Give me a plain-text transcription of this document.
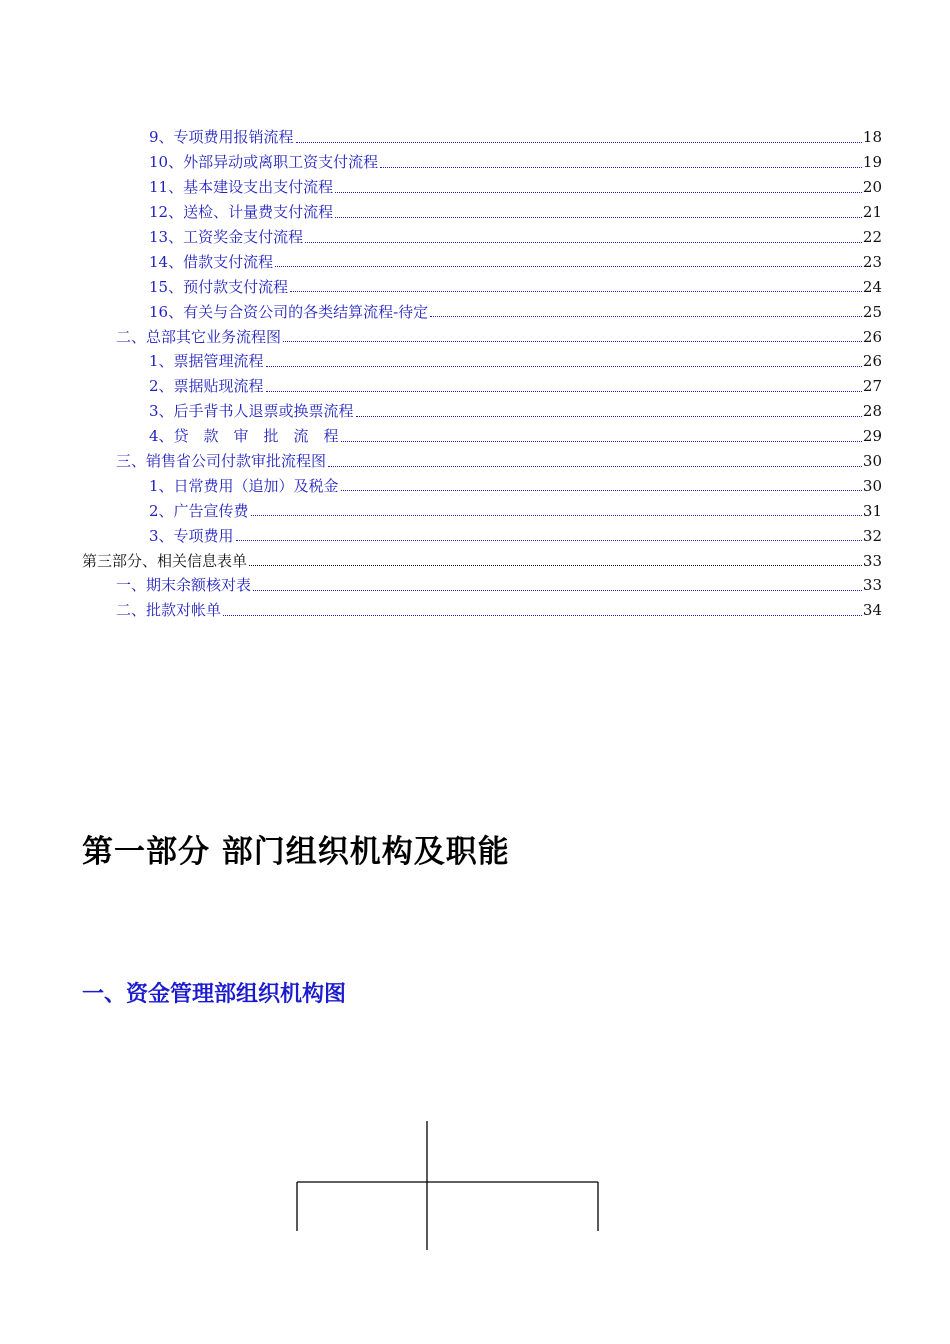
9、专项费用报销流程	18
10、外部异动或离职工资支付流程	19
11、基本建设支出支付流程	20
12、送检、计量费支付流程	21
13、工资奖金支付流程	22
14、借款支付流程	23
15、预付款支付流程	24
16、有关与合资公司的各类结算流程-待定	25
二、总部其它业务流程图	26
1、票据管理流程	26
2、票据贴现流程	27
3、后手背书人退票或换票流程	28
4、贷　款　审　批　流　程	29
三、销售省公司付款审批流程图	30
1、日常费用（追加）及税金	30
2、广告宣传费	31
3、专项费用	32
第三部分、相关信息表单	33
一、期末余额核对表	33
二、批款对帐单	34
第一部分 部门组织机构及职能
一、资金管理部组织机构图
